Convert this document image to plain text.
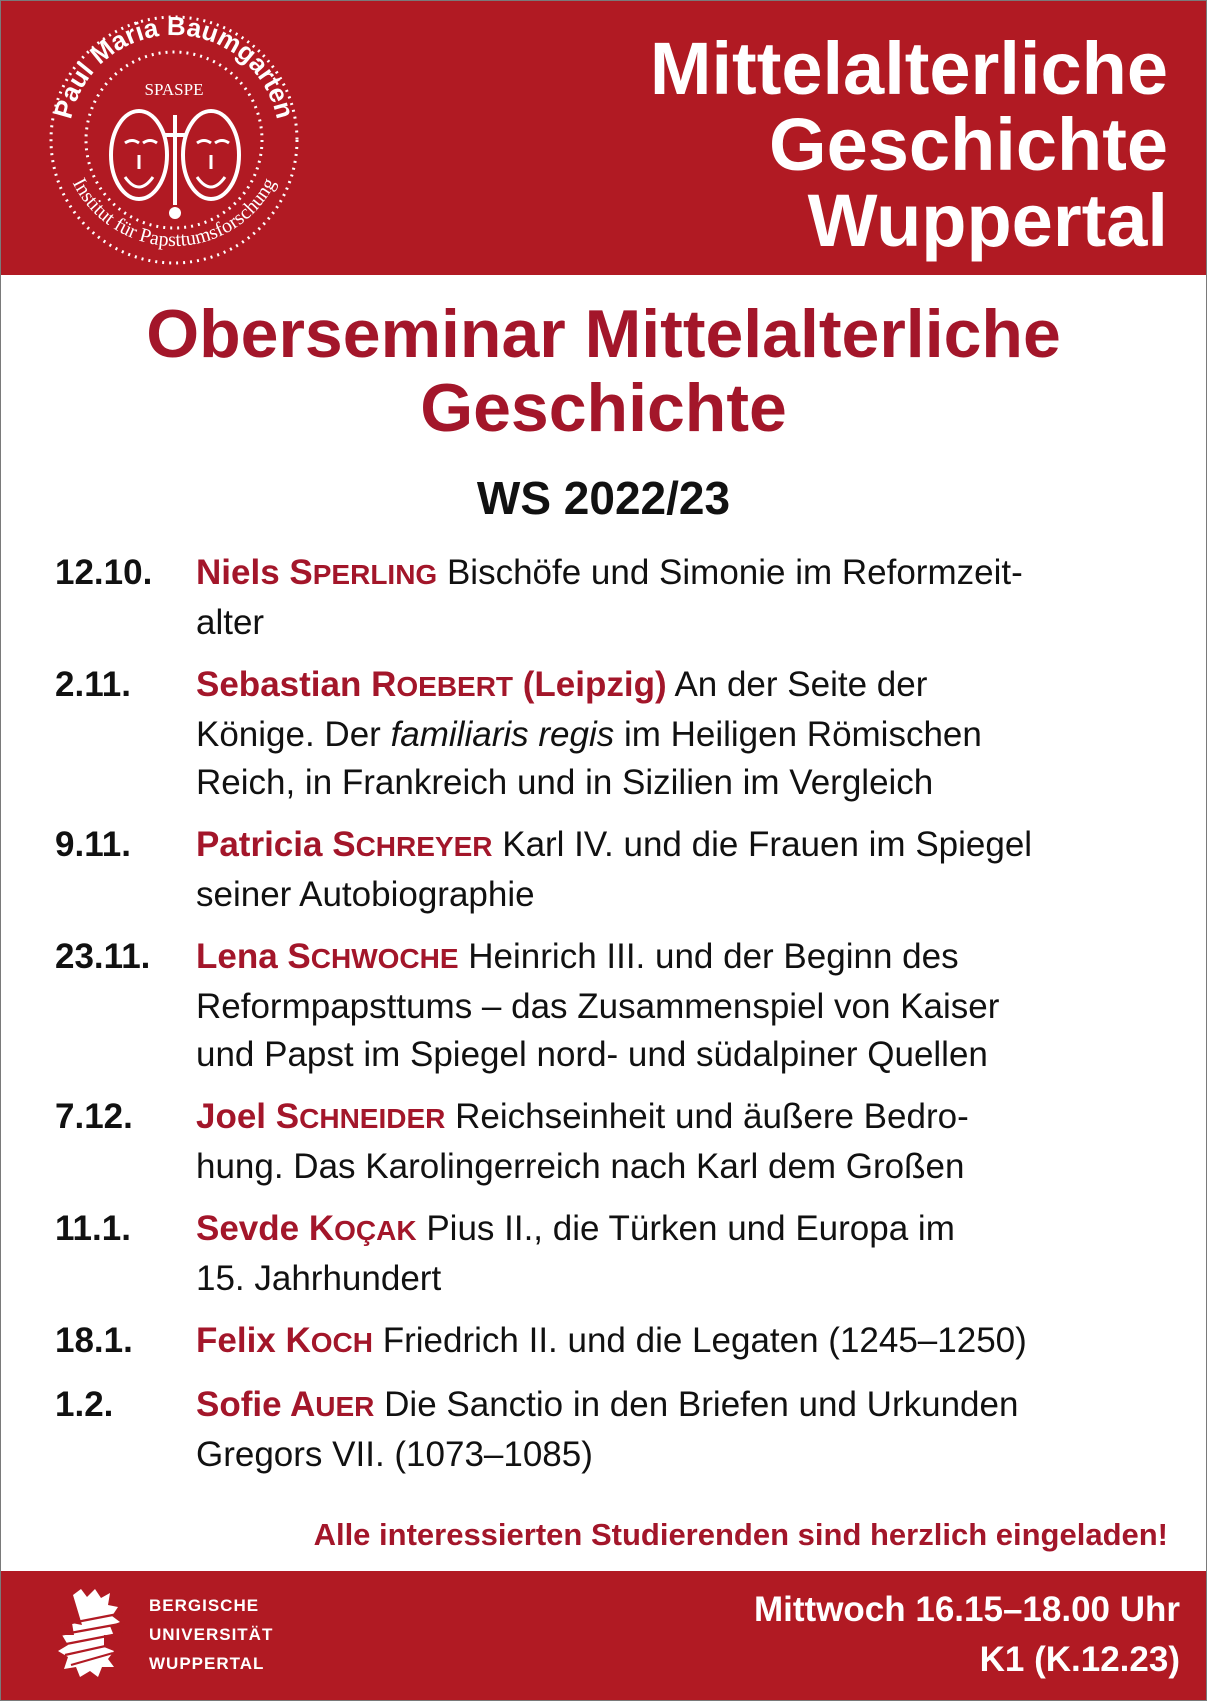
Paul Maria Baumgarten
Institut für Papsttumsforschung
SPASPE	Mittelalterliche
Geschichte
Wuppertal
Oberseminar Mittelalterliche
Geschichte
WS 2022/23
12.10.	Niels SPERLING Bischöfe und Simonie im Reformzeit-
alter
2.11.	Sebastian ROEBERT (Leipzig) An der Seite der
Könige. Der familiaris regis im Heiligen Römischen
Reich, in Frankreich und in Sizilien im Vergleich
9.11.	Patricia SCHREYER Karl IV. und die Frauen im Spiegel
seiner Autobiographie
23.11.	Lena SCHWOCHE Heinrich III. und der Beginn des
Reformpapsttums – das Zusammenspiel von Kaiser
und Papst im Spiegel nord- und südalpiner Quellen
7.12.	Joel SCHNEIDER Reichseinheit und äußere Bedro-
hung. Das Karolingerreich nach Karl dem Großen
11.1.	Sevde KOÇAK Pius II., die Türken und Europa im
15. Jahrhundert
18.1.	Felix KOCH Friedrich II. und die Legaten (1245–1250)
1.2.	Sofie AUER Die Sanctio in den Briefen und Urkunden
Gregors VII. (1073–1085)
Alle interessierten Studierenden sind herzlich eingeladen!
BERGISCHE
UNIVERSITÄT
WUPPERTAL
Mittwoch 16.15–18.00 Uhr
K1 (K.12.23)
